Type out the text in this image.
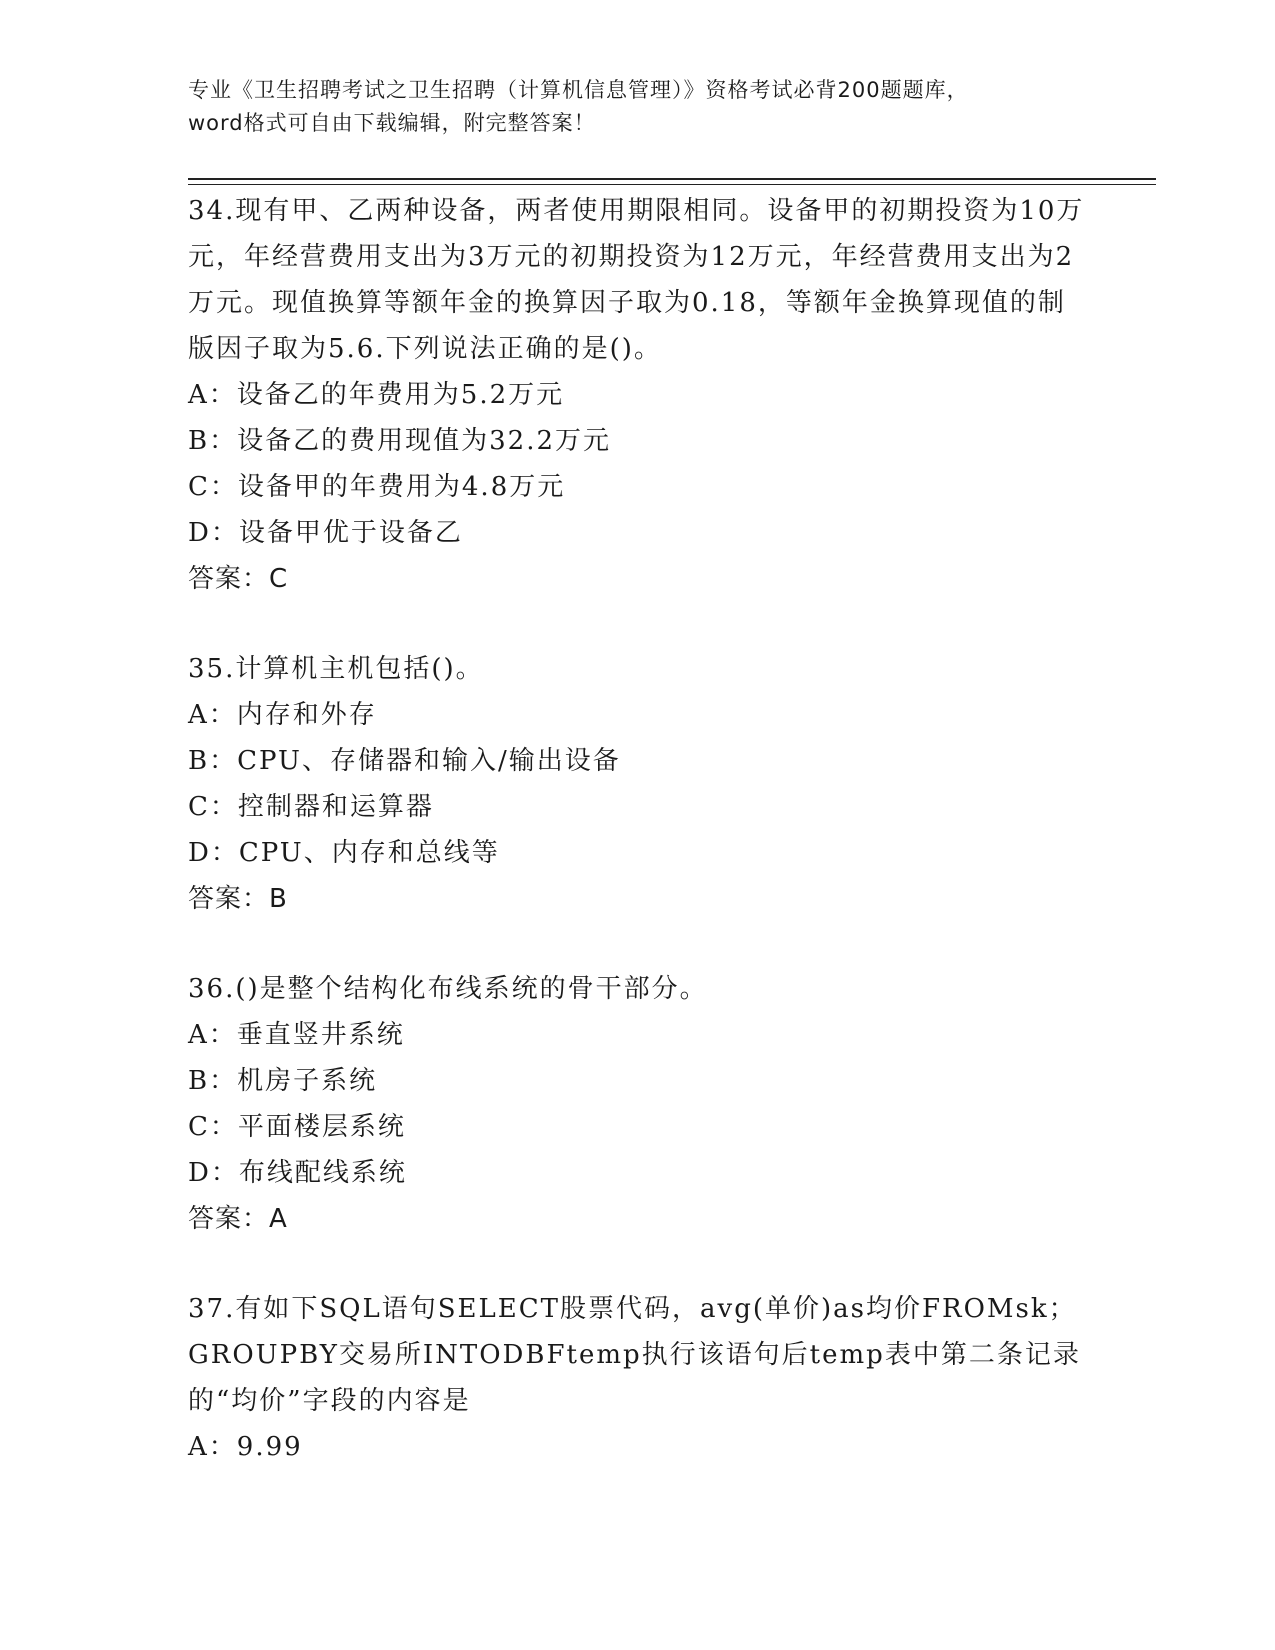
专业《卫生招聘考试之卫生招聘（计算机信息管理）》资格考试必背200题题库，
word格式可自由下载编辑，附完整答案！
34.现有甲、乙两种设备，两者使用期限相同。设备甲的初期投资为10万元，年经营费用支出为3万元的初期投资为12万元，年经营费用支出为2万元。现值换算等额年金的换算因子取为0.18，等额年金换算现值的制版因子取为5.6.下列说法正确的是()。
A：设备乙的年费用为5.2万元
B：设备乙的费用现值为32.2万元
C：设备甲的年费用为4.8万元
D：设备甲优于设备乙
答案：C
35.计算机主机包括()。
A：内存和外存
B：CPU、存储器和输入/输出设备
C：控制器和运算器
D：CPU、内存和总线等
答案：B
36.()是整个结构化布线系统的骨干部分。
A：垂直竖井系统
B：机房子系统
C：平面楼层系统
D：布线配线系统
答案：A
37.有如下SQL语句SELECT股票代码，avg(单价)as均价FROMsk；GROUPBY交易所INTODBFtemp执行该语句后temp表中第二条记录的“均价”字段的内容是
A：9.99
